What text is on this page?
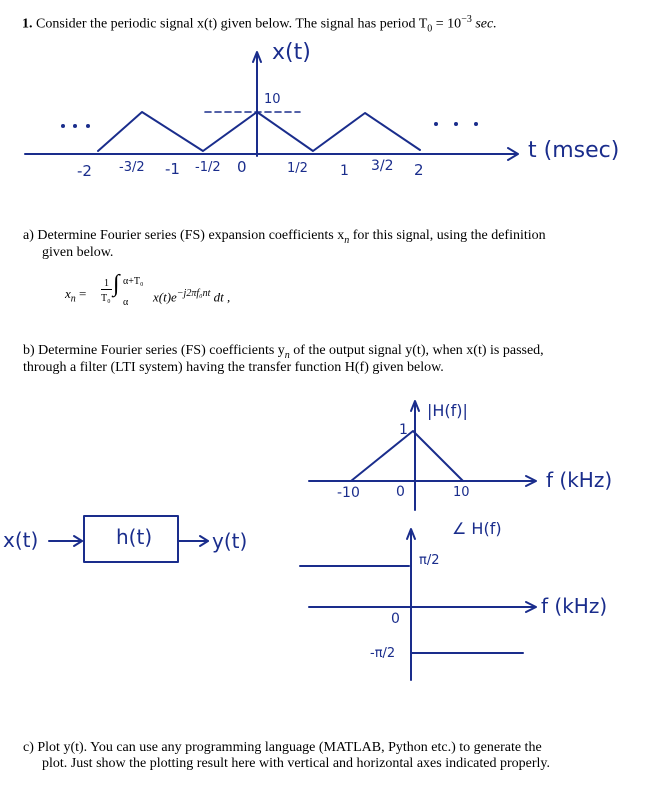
1. Consider the periodic signal x(t) given below. The signal has period $T_0 = 10^{-3}$ sec.
x(t)
10
t (msec)
-2 -3/2 -1 -1/2 0	1/2 1 3/2 2
a) Determine Fourier series (FS) expansion coefficients $x_n$ for this signal, using the definition
given below.
$x_n$ =
1
T₀
∫ α+T₀
α $x(t)e^{-j2\pi f_0nt}$ dt ,
b) Determine Fourier series (FS) coefficients $y_n$ of the output signal y(t), when x(t) is passed,
through a filter (LTI system) having the transfer function H(f) given below.
|H(f)|
1
-10	0	10
f (kHz)
∠ H(f)
π/2
0
-π/2
f (kHz)
x(t)	h(t)	y(t)
c) Plot y(t). You can use any programming language (MATLAB, Python etc.) to generate the
plot. Just show the plotting result here with vertical and horizontal axes indicated properly.
